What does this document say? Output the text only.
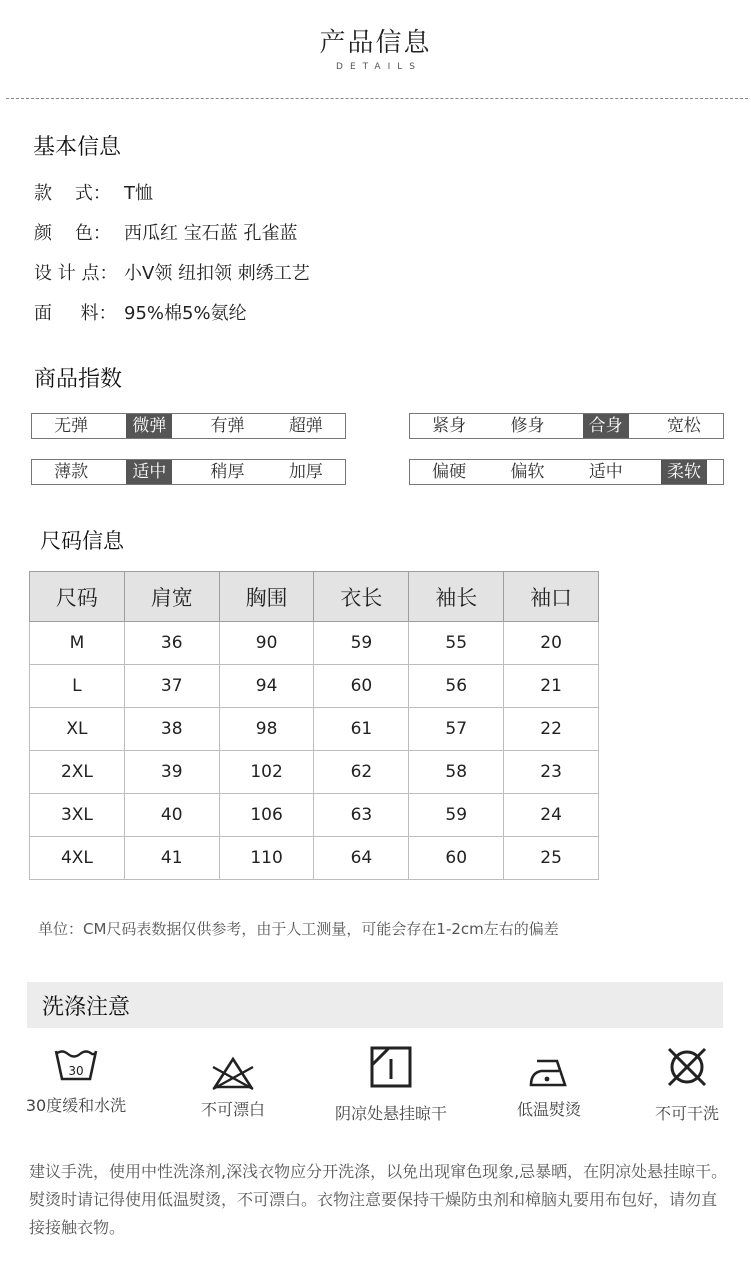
产品信息
DETAILS
基本信息
款    式： T恤
颜    色： 西瓜红 宝石蓝 孔雀蓝
设 计 点： 小V领 纽扣领 刺绣工艺
面     料： 95%棉5%氨纶
商品指数
无弹	微弹	有弹	超弹	紧身	修身	合身	宽松
薄款	适中	稍厚	加厚	偏硬	偏软	适中	柔软
尺码信息
尺码	肩宽	胸围	衣长	袖长	袖口
M	36	90	59	55	20
L	37	94	60	56	21
XL	38	98	61	57	22
2XL	39	102	62	58	23
3XL	40	106	63	59	24
4XL	41	110	64	60	25
单位：CM尺码表数据仅供参考，由于人工测量，可能会存在1-2cm左右的偏差
洗涤注意
30
30度缓和水洗	不可漂白	阴凉处悬挂晾干	低温熨烫	不可干洗
建议手洗，使用中性洗涤剂,深浅衣物应分开洗涤，以免出现窜色现象,忌暴晒，在阴凉处悬挂晾干。熨烫时请记得使用低温熨烫，不可漂白。衣物注意要保持干燥防虫剂和樟脑丸要用布包好，请勿直接接触衣物。
